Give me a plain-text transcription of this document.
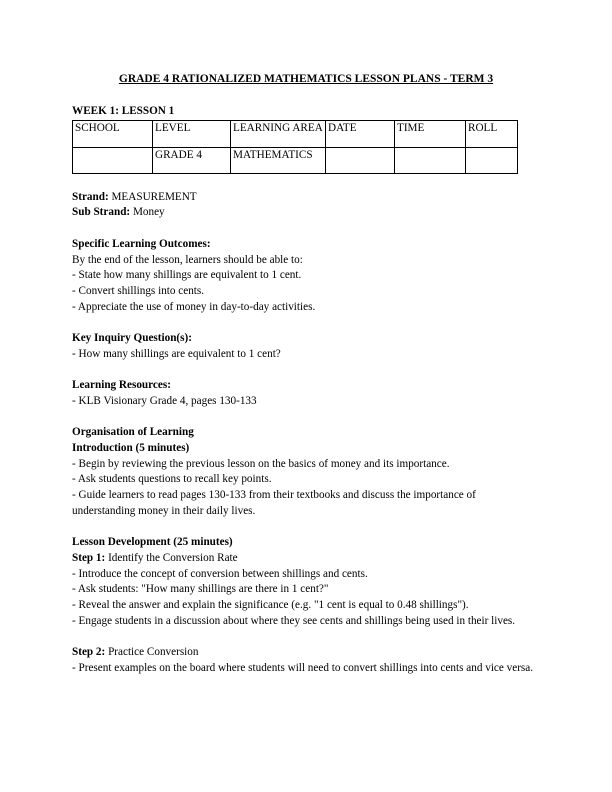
GRADE 4 RATIONALIZED MATHEMATICS LESSON PLANS - TERM 3
WEEK 1: LESSON 1
SCHOOL	LEVEL	LEARNING AREA	DATE	TIME	ROLL
	GRADE 4	MATHEMATICS			

Strand: MEASUREMENT

Sub Strand: Money

Specific Learning Outcomes:

By the end of the lesson, learners should be able to:

- State how many shillings are equivalent to 1 cent.

- Convert shillings into cents.

- Appreciate the use of money in day-to-day activities.

Key Inquiry Question(s):

- How many shillings are equivalent to 1 cent?

Learning Resources:

- KLB Visionary Grade 4, pages 130-133

Organisation of Learning

Introduction (5 minutes)

- Begin by reviewing the previous lesson on the basics of money and its importance.

- Ask students questions to recall key points.

- Guide learners to read pages 130-133 from their textbooks and discuss the importance of understanding money in their daily lives.

Lesson Development (25 minutes)

Step 1: Identify the Conversion Rate

- Introduce the concept of conversion between shillings and cents.

- Ask students: "How many shillings are there in 1 cent?"

- Reveal the answer and explain the significance (e.g. "1 cent is equal to 0.48 shillings").

- Engage students in a discussion about where they see cents and shillings being used in their lives.

Step 2: Practice Conversion

- Present examples on the board where students will need to convert shillings into cents and vice versa.
